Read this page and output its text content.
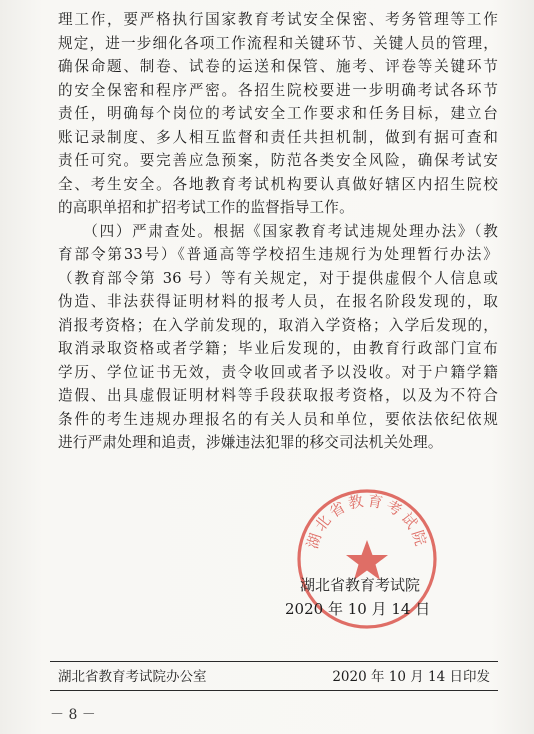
理工作，要严格执行国家教育考试安全保密、考务管理等工作
规定，进一步细化各项工作流程和关键环节、关键人员的管理，
确保命题、制卷、试卷的运送和保管、施考、评卷等关键环节
的安全保密和程序严密。各招生院校要进一步明确考试各环节
责任，明确每个岗位的考试安全工作要求和任务目标，建立台
账记录制度、多人相互监督和责任共担机制，做到有据可查和
责任可究。要完善应急预案，防范各类安全风险，确保考试安
全、考生安全。各地教育考试机构要认真做好辖区内招生院校
的高职单招和扩招考试工作的监督指导工作。
　　（四）严肃查处。根据《国家教育考试违规处理办法》（教
育部令第33号）《普通高等学校招生违规行为处理暂行办法》
（教育部令第 36 号）等有关规定，对于提供虚假个人信息或
伪造、非法获得证明材料的报考人员，在报名阶段发现的，取
消报考资格；在入学前发现的，取消入学资格；入学后发现的，
取消录取资格或者学籍；毕业后发现的，由教育行政部门宣布
学历、学位证书无效，责令收回或者予以没收。对于户籍学籍
造假、出具虚假证明材料等手段获取报考资格，以及为不符合
条件的考生违规办理报名的有关人员和单位，要依法依纪依规
进行严肃处理和追责，涉嫌违法犯罪的移交司法机关处理。
湖北省教育考试院
湖北省教育考试院
2020 年 10 月 14 日
湖北省教育考试院办公室	2020 年 10 月 14 日印发
－ 8 －
